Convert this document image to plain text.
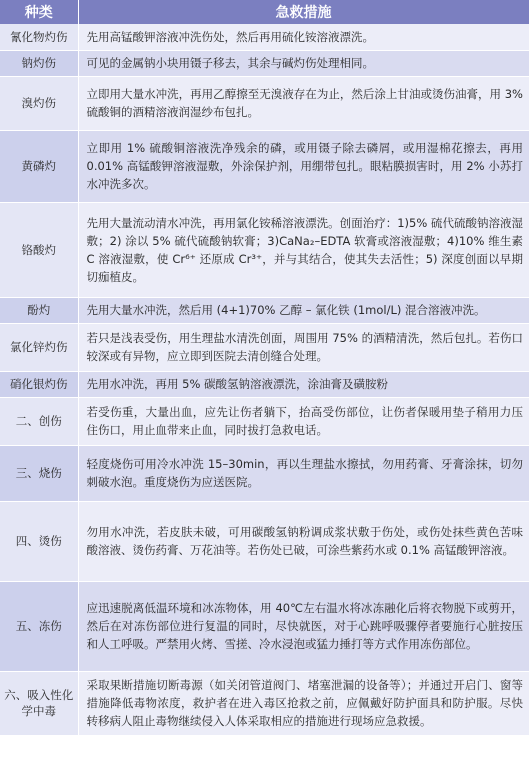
种类	急救措施
氰化物灼伤	先用高锰酸钾溶液冲洗伤处，然后再用硫化铵溶液漂洗。
钠灼伤	可见的金属钠小块用镊子移去，其余与碱灼伤处理相同。
溴灼伤	立即用大量水冲洗，再用乙醇擦至无溴液存在为止，然后涂上甘油或烫伤油膏，用 3% 硫酸铜的酒精溶液润湿纱布包扎。
黄磷灼	立即用 1% 硫酸铜溶液洗净残余的磷，或用镊子除去磷屑，或用湿棉花擦去，再用 0.01% 高锰酸钾溶液湿敷，外涂保护剂，用绷带包扎。眼粘膜损害时，用 2% 小苏打水冲洗多次。
铬酸灼	先用大量流动清水冲洗，再用氯化铵稀溶液漂洗。创面治疗：1)5% 硫代硫酸钠溶液湿敷；2) 涂以 5% 硫代硫酸钠软膏；3)CaNa₂–EDTA 软膏或溶液湿敷；4)10% 维生素 C 溶液湿敷，使 Cr⁶⁺ 还原成 Cr³⁺，并与其结合，使其失去活性；5) 深度创面以早期切痂植皮。
酚灼	先用大量水冲洗，然后用 (4+1)70% 乙醇 – 氯化铁 (1mol/L) 混合溶液冲洗。
氯化锌灼伤	若只是浅表受伤，用生理盐水清洗创面，周围用 75% 的酒精清洗，然后包扎。若伤口较深或有异物，应立即到医院去清创缝合处理。
硝化银灼伤	先用水冲洗，再用 5% 碳酸氢钠溶液漂洗，涂油膏及磺胺粉
二、创伤	若受伤重，大量出血，应先让伤者躺下，抬高受伤部位，让伤者保暖用垫子稍用力压住伤口，用止血带来止血，同时拔打急救电话。
三、烧伤	轻度烧伤可用冷水冲洗 15–30min，再以生理盐水擦拭，勿用药膏、牙膏涂抹，切勿刺破水泡。重度烧伤为应送医院。
四、烫伤	勿用水冲洗，若皮肤未破，可用碳酸氢钠粉调成浆状敷于伤处，或伤处抹些黄色苦味酸溶液、烫伤药膏、万花油等。若伤处已破，可涂些紫药水或 0.1% 高锰酸钾溶液。
五、冻伤	应迅速脱离低温环境和冰冻物体，用 40℃左右温水将冰冻融化后将衣物脱下或剪开，然后在对冻伤部位进行复温的同时，尽快就医，对于心跳呼吸骤停者要施行心脏按压和人工呼吸。严禁用火烤、雪搓、冷水浸泡或猛力捶打等方式作用冻伤部位。
六、吸入性化学中毒	采取果断措施切断毒源（如关闭管道阀门、堵塞泄漏的设备等）；并通过开启门、窗等措施降低毒物浓度，救护者在进入毒区抢救之前，应佩戴好防护面具和防护服。尽快转移病人阻止毒物继续侵入人体采取相应的措施进行现场应急救援。
